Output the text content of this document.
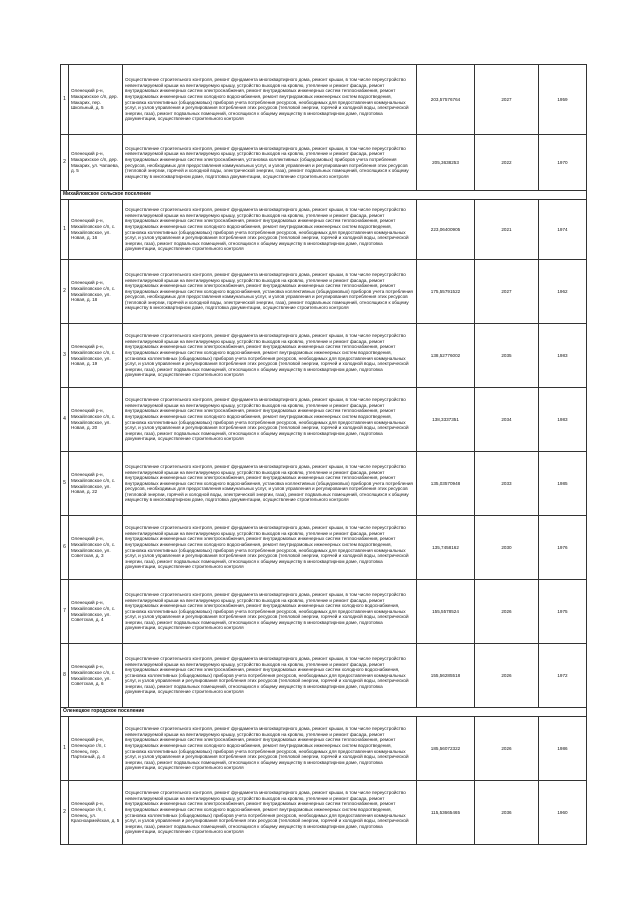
1	Оленецкий р-н, Макарихское с/п, дер. Макарих, пер. Школьный, д. 5	Осуществление строительного контроля, ремонт фундамента многоквартирного дома, ремонт крыши, в том числе переустройство невентилируемой крыши на вентилируемую крышу, устройство выходов на кровлю, утепление и ремонт фасада, ремонт внутридомовых инженерных систем электроснабжения, ремонт внутридомовых инженерных систем теплоснабжения, ремонт внутридомовых инженерных систем холодного водоснабжения, ремонт внутридомовых инженерных систем водоотведения, установка коллективных (общедомовых) приборов учета потребления ресурсов, необходимых для предоставления коммунальных услуг, и узлов управления и регулирования потребления этих ресурсов (тепловой энергии, горячей и холодной воды, электрической энергии, газа), ремонт подвальных помещений, относящихся к общему имуществу в многоквартирном доме, подготовка документации, осуществление строительного контроля	203,57576764	2027	1959
2	Оленецкий р-н, Макарихское с/п, дер. Макарих, ул. Чапаева, д. 5	Осуществление строительного контроля, ремонт фундамента многоквартирного дома, ремонт крыши, в том числе переустройство невентилируемой крыши на вентилируемую крышу, устройство выходов на кровлю, утепление и ремонт фасада, ремонт внутридомовых инженерных систем электроснабжения, установка коллективных (общедомовых) приборов учета потребления ресурсов, необходимых для предоставления коммунальных услуг, и узлов управления и регулирования потребления этих ресурсов (тепловой энергии, горячей и холодной воды, электрической энергии, газа), ремонт подвальных помещений, относящихся к общему имуществу в многоквартирном доме, подготовка документации, осуществление строительного контроля	205,3638253	2022	1970
Михайловское сельское поселение					
1	Оленецкий р-н, Михайловское с/п, с. Михайловское, ул. Новая, д. 16	Осуществление строительного контроля, ремонт фундамента многоквартирного дома, ремонт крыши, в том числе переустройство невентилируемой крыши на вентилируемую крышу, устройство выходов на кровлю, утепление и ремонт фасада, ремонт внутридомовых инженерных систем электроснабжения, ремонт внутридомовых инженерных систем теплоснабжения, ремонт внутридомовых инженерных систем холодного водоснабжения, ремонт внутридомовых инженерных систем водоотведения, установка коллективных (общедомовых) приборов учета потребления ресурсов, необходимых для предоставления коммунальных услуг, и узлов управления и регулирования потребления этих ресурсов (тепловой энергии, горячей и холодной воды, электрической энергии, газа), ремонт подвальных помещений, относящихся к общему имуществу в многоквартирном доме, подготовка документации, осуществление строительного контроля	223,06400905	2021	1974
2	Оленецкий р-н, Михайловское с/п, с. Михайловское, ул. Новая, д. 18	Осуществление строительного контроля, ремонт фундамента многоквартирного дома, ремонт крыши, в том числе переустройство невентилируемой крыши на вентилируемую крышу, устройство выходов на кровлю, утепление и ремонт фасада, ремонт внутридомовых инженерных систем электроснабжения, ремонт внутридомовых инженерных систем теплоснабжения, ремонт внутридомовых инженерных систем холодного водоснабжения, установка коллективных (общедомовых) приборов учета потребления ресурсов, необходимых для предоставления коммунальных услуг, и узлов управления и регулирования потребления этих ресурсов (тепловой энергии, горячей и холодной воды, электрической энергии, газа), ремонт подвальных помещений, относящихся к общему имуществу в многоквартирном доме, подготовка документации, осуществление строительного контроля	175,55791522	2027	1962
3	Оленецкий р-н, Михайловское с/п, с. Михайловское, ул. Новая, д. 19	Осуществление строительного контроля, ремонт фундамента многоквартирного дома, ремонт крыши, в том числе переустройство невентилируемой крыши на вентилируемую крышу, устройство выходов на кровлю, утепление и ремонт фасада, ремонт внутридомовых инженерных систем электроснабжения, ремонт внутридомовых инженерных систем теплоснабжения, ремонт внутридомовых инженерных систем холодного водоснабжения, ремонт внутридомовых инженерных систем водоотведения, установка коллективных (общедомовых) приборов учета потребления ресурсов, необходимых для предоставления коммунальных услуг, и узлов управления и регулирования потребления этих ресурсов (тепловой энергии, горячей и холодной воды, электрической энергии, газа), ремонт подвальных помещений, относящихся к общему имуществу в многоквартирном доме, подготовка документации, осуществление строительного контроля	138,52776002	2035	1983
4	Оленецкий р-н, Михайловское с/п, с. Михайловское, ул. Новая, д. 20	Осуществление строительного контроля, ремонт фундамента многоквартирного дома, ремонт крыши, в том числе переустройство невентилируемой крыши на вентилируемую крышу, устройство выходов на кровлю, утепление и ремонт фасада, ремонт внутридомовых инженерных систем электроснабжения, ремонт внутридомовых инженерных систем теплоснабжения, ремонт внутридомовых инженерных систем холодного водоснабжения, ремонт внутридомовых инженерных систем водоотведения, установка коллективных (общедомовых) приборов учета потребления ресурсов, необходимых для предоставления коммунальных услуг, и узлов управления и регулирования потребления этих ресурсов (тепловой энергии, горячей и холодной воды, электрической энергии, газа), ремонт подвальных помещений, относящихся к общему имуществу в многоквартирном доме, подготовка документации, осуществление строительного контроля	138,3337351	2034	1983
5	Оленецкий р-н, Михайловское с/п, с. Михайловское, ул. Новая, д. 22	Осуществление строительного контроля, ремонт фундамента многоквартирного дома, ремонт крыши, в том числе переустройство невентилируемой крыши на вентилируемую крышу, устройство выходов на кровлю, утепление и ремонт фасада, ремонт внутридомовых инженерных систем электроснабжения, ремонт внутридомовых инженерных систем теплоснабжения, ремонт внутридомовых инженерных систем холодного водоснабжения, установка коллективных (общедомовых) приборов учета потребления ресурсов, необходимых для предоставления коммунальных услуг, и узлов управления и регулирования потребления этих ресурсов (тепловой энергии, горячей и холодной воды, электрической энергии, газа), ремонт подвальных помещений, относящихся к общему имуществу в многоквартирном доме, подготовка документации, осуществление строительного контроля	135,03570948	2033	1985
6	Оленецкий р-н, Михайловское с/п, с. Михайловское, ул. Советская, д. 3	Осуществление строительного контроля, ремонт фундамента многоквартирного дома, ремонт крыши, в том числе переустройство невентилируемой крыши на вентилируемую крышу, устройство выходов на кровлю, утепление и ремонт фасада, ремонт внутридомовых инженерных систем электроснабжения, ремонт внутридомовых инженерных систем теплоснабжения, ремонт внутридомовых инженерных систем холодного водоснабжения, ремонт внутридомовых инженерных систем водоотведения, установка коллективных (общедомовых) приборов учета потребления ресурсов, необходимых для предоставления коммунальных услуг, и узлов управления и регулирования потребления этих ресурсов (тепловой энергии, горячей и холодной воды, электрической энергии, газа), ремонт подвальных помещений, относящихся к общему имуществу в многоквартирном доме, подготовка документации, осуществление строительного контроля	135,7458162	2030	1976
7	Оленецкий р-н, Михайловское с/п, с. Михайловское, ул. Советская, д. 4	Осуществление строительного контроля, ремонт фундамента многоквартирного дома, ремонт крыши, в том числе переустройство невентилируемой крыши на вентилируемую крышу, устройство выходов на кровлю, утепление и ремонт фасада, ремонт внутридомовых инженерных систем электроснабжения, ремонт внутридомовых инженерных систем холодного водоснабжения, установка коллективных (общедомовых) приборов учета потребления ресурсов, необходимых для предоставления коммунальных услуг, и узлов управления и регулирования потребления этих ресурсов (тепловой энергии, горячей и холодной воды, электрической энергии, газа), ремонт подвальных помещений, относящихся к общему имуществу в многоквартирном доме, подготовка документации, осуществление строительного контроля	155,5578524	2026	1975
8	Оленецкий р-н, Михайловское с/п, с. Михайловское, ул. Советская, д. 6	Осуществление строительного контроля, ремонт фундамента многоквартирного дома, ремонт крыши, в том числе переустройство невентилируемой крыши на вентилируемую крышу, устройство выходов на кровлю, утепление и ремонт фасада, ремонт внутридомовых инженерных систем электроснабжения, ремонт внутридомовых инженерных систем холодного водоснабжения, установка коллективных (общедомовых) приборов учета потребления ресурсов, необходимых для предоставления коммунальных услуг, и узлов управления и регулирования потребления этих ресурсов (тепловой энергии, горячей и холодной воды, электрической энергии, газа), ремонт подвальных помещений, относящихся к общему имуществу в многоквартирном доме, подготовка документации, осуществление строительного контроля	155,56285518	2026	1972
Оленецкое городское поселение					
1	Оленецкий р-н, Оленецкое г/п, г. Оленец, пер. Партизный, д. 4	Осуществление строительного контроля, ремонт фундамента многоквартирного дома, ремонт крыши, в том числе переустройство невентилируемой крыши на вентилируемую крышу, устройство выходов на кровлю, утепление и ремонт фасада, ремонт внутридомовых инженерных систем электроснабжения, ремонт внутридомовых инженерных систем теплоснабжения, ремонт внутридомовых инженерных систем холодного водоснабжения, ремонт внутридомовых инженерных систем водоотведения, установка коллективных (общедомовых) приборов учета потребления ресурсов, необходимых для предоставления коммунальных услуг, и узлов управления и регулирования потребления этих ресурсов (тепловой энергии, горячей и холодной воды, электрической энергии, газа), ремонт подвальных помещений, относящихся к общему имуществу в многоквартирном доме, подготовка документации, осуществление строительного контроля	185,56072322	2026	1986
2	Оленецкий р-н, Оленецкое г/п, г. Оленец, ул. Красноармейская, д. 5	Осуществление строительного контроля, ремонт фундамента многоквартирного дома, ремонт крыши, в том числе переустройство невентилируемой крыши на вентилируемую крышу, устройство выходов на кровлю, утепление и ремонт фасада, ремонт внутридомовых инженерных систем электроснабжения, ремонт внутридомовых инженерных систем теплоснабжения, ремонт внутридомовых инженерных систем холодного водоснабжения, ремонт внутридомовых инженерных систем водоотведения, установка коллективных (общедомовых) приборов учета потребления ресурсов, необходимых для предоставления коммунальных услуг, и узлов управления и регулирования потребления этих ресурсов (тепловой энергии, горячей и холодной воды, электрической энергии, газа), ремонт подвальных помещений, относящихся к общему имуществу в многоквартирном доме, подготовка документации, осуществление строительного контроля	115,53665465	2036	1960
